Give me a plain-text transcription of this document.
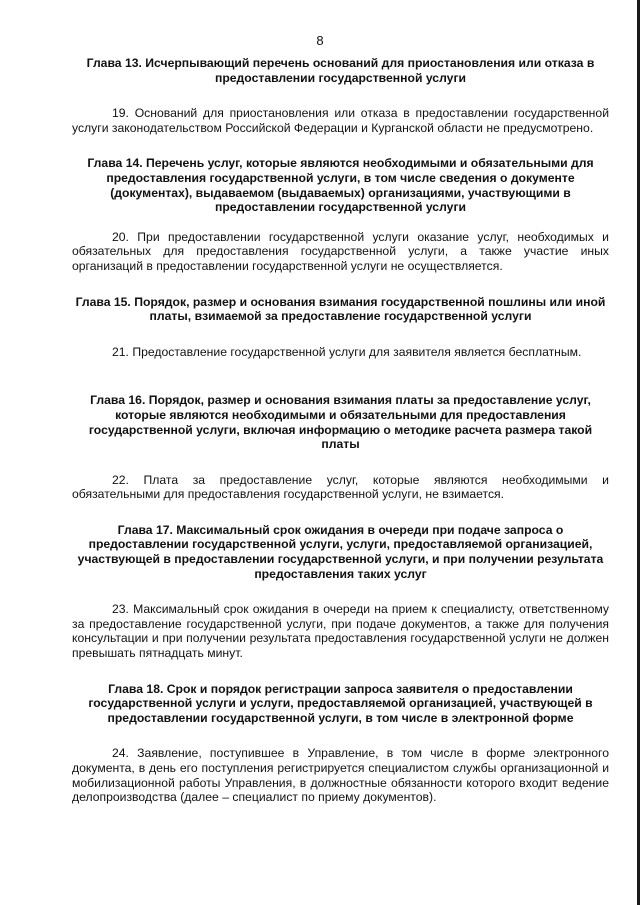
8

Глава 13. Исчерпывающий перечень оснований для приостановления или отказа в предоставлении государственной услуги

19. Оснований для приостановления или отказа в предоставлении государственной услуги законодательством Российской Федерации и Курганской области не предусмотрено.

Глава 14. Перечень услуг, которые являются необходимыми и обязательными для предоставления государственной услуги, в том числе сведения о документе (документах), выдаваемом (выдаваемых) организациями, участвующими в предоставлении государственной услуги

20. При предоставлении государственной услуги оказание услуг, необходимых и обязательных для предоставления государственной услуги, а также участие иных организаций в предоставлении государственной услуги не осуществляется.

Глава 15. Порядок, размер и основания взимания государственной пошлины или иной платы, взимаемой за предоставление государственной услуги

21. Предоставление государственной услуги для заявителя является бесплатным.

Глава 16. Порядок, размер и основания взимания платы за предоставление услуг, которые являются необходимыми и обязательными для предоставления государственной услуги, включая информацию о методике расчета размера такой платы

22. Плата за предоставление услуг, которые являются необходимыми и обязательными для предоставления государственной услуги, не взимается.

Глава 17. Максимальный срок ожидания в очереди при подаче запроса о предоставлении государственной услуги, услуги, предоставляемой организацией, участвующей в предоставлении государственной услуги, и при получении результата предоставления таких услуг

23. Максимальный срок ожидания в очереди на прием к специалисту, ответственному за предоставление государственной услуги, при подаче документов, а также для получения консультации и при получении результата предоставления государственной услуги не должен превышать пятнадцать минут.

Глава 18. Срок и порядок регистрации запроса заявителя о предоставлении государственной услуги и услуги, предоставляемой организацией, участвующей в предоставлении государственной услуги, в том числе в электронной форме

24. Заявление, поступившее в Управление, в том числе в форме электронного документа, в день его поступления регистрируется специалистом службы организационной и мобилизационной работы Управления, в должностные обязанности которого входит ведение делопроизводства (далее – специалист по приему документов).
